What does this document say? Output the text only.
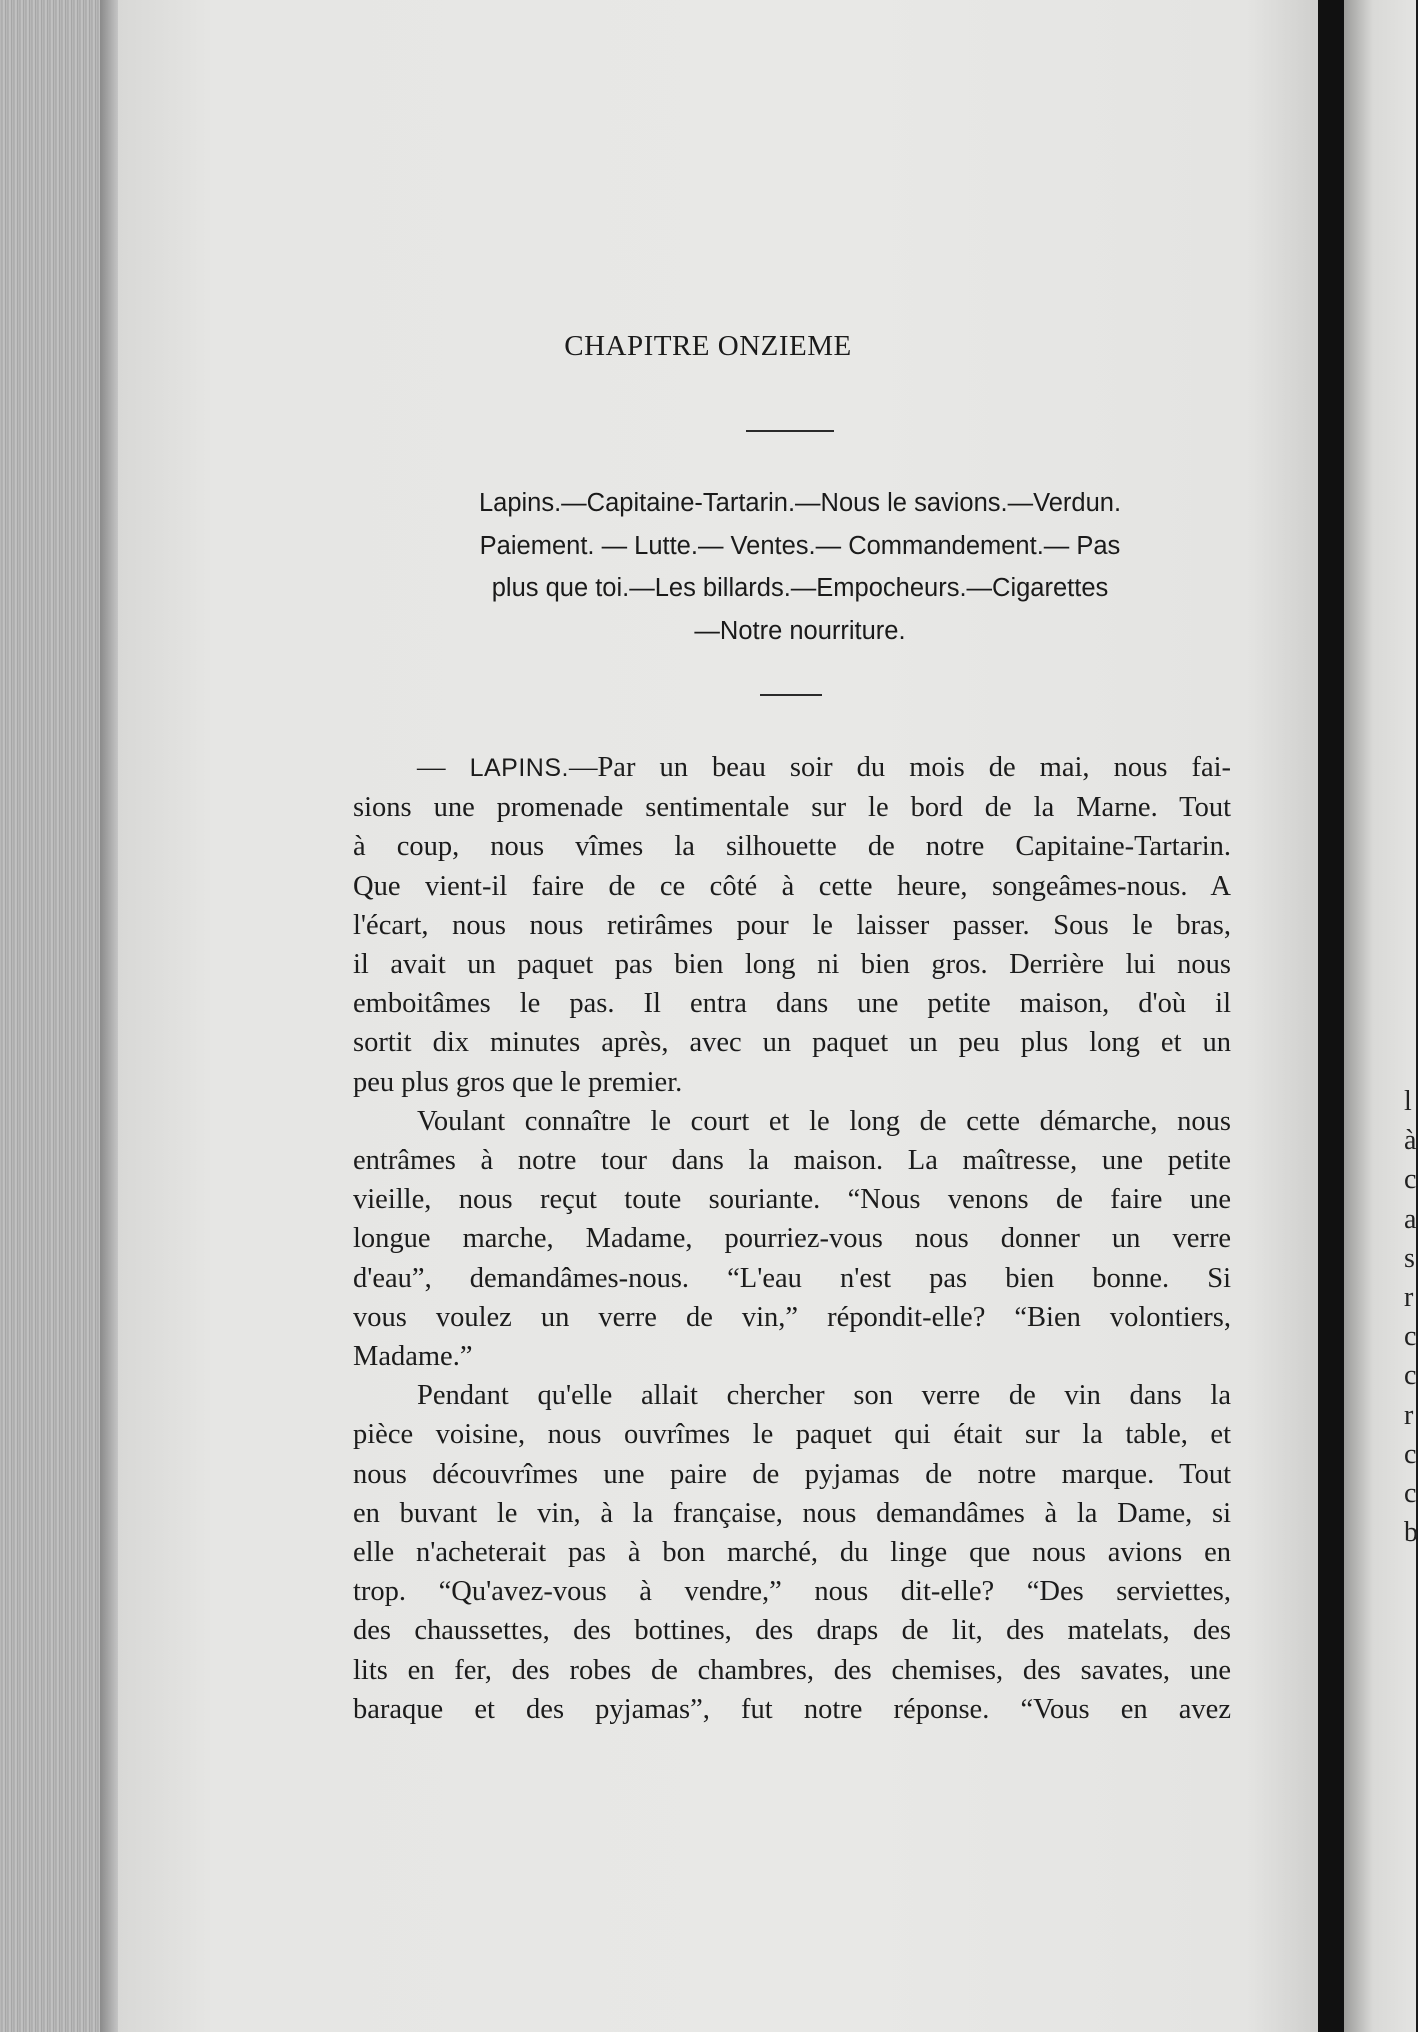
l
à
c
a
s
r
c
c
r
c
c
b
CHAPITRE ONZIEME
Lapins.—Capitaine-Tartarin.—Nous le savions.—Verdun.
Paiement. — Lutte.— Ventes.— Commandement.— Pas
plus que toi.—Les billards.—Empocheurs.—Cigarettes
—Notre nourriture.
— LAPINS.—Par un beau soir du mois de mai, nous fai-
sions une promenade sentimentale sur le bord de la Marne. Tout
à coup, nous vîmes la silhouette de notre Capitaine-Tartarin.
Que vient-il faire de ce côté à cette heure, songeâmes-nous. A
l'écart, nous nous retirâmes pour le laisser passer. Sous le bras,
il avait un paquet pas bien long ni bien gros. Derrière lui nous
emboitâmes le pas. Il entra dans une petite maison, d'où il
sortit dix minutes après, avec un paquet un peu plus long et un
peu plus gros que le premier.
Voulant connaître le court et le long de cette démarche, nous
entrâmes à notre tour dans la maison. La maîtresse, une petite
vieille, nous reçut toute souriante. “Nous venons de faire une
longue marche, Madame, pourriez-vous nous donner un verre
d'eau”, demandâmes-nous. “L'eau n'est pas bien bonne. Si
vous voulez un verre de vin,” répondit-elle? “Bien volontiers,
Madame.”
Pendant qu'elle allait chercher son verre de vin dans la
pièce voisine, nous ouvrîmes le paquet qui était sur la table, et
nous découvrîmes une paire de pyjamas de notre marque. Tout
en buvant le vin, à la française, nous demandâmes à la Dame, si
elle n'acheterait pas à bon marché, du linge que nous avions en
trop. “Qu'avez-vous à vendre,” nous dit-elle? “Des serviettes,
des chaussettes, des bottines, des draps de lit, des matelats, des
lits en fer, des robes de chambres, des chemises, des savates, une
baraque et des pyjamas”, fut notre réponse. “Vous en avez
